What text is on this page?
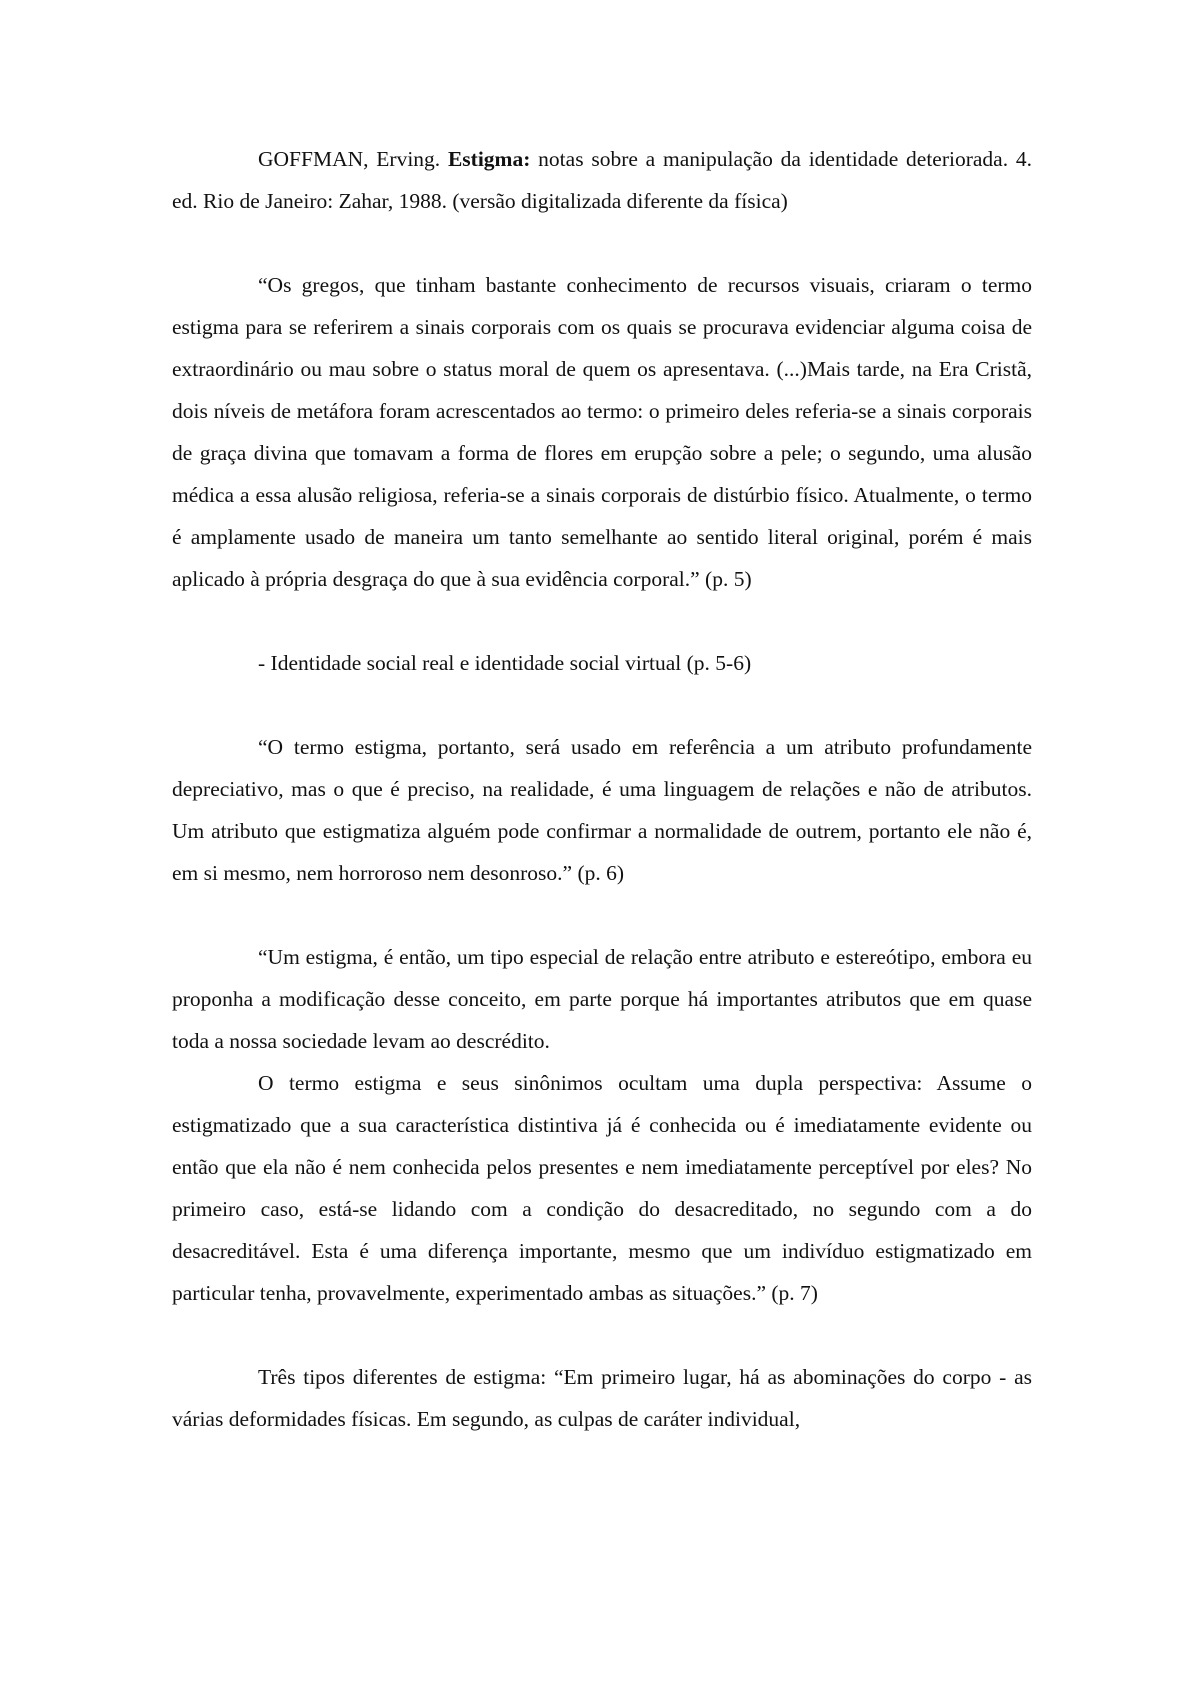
GOFFMAN, Erving. Estigma: notas sobre a manipulação da identidade deteriorada. 4. ed. Rio de Janeiro: Zahar, 1988. (versão digitalizada diferente da física)

“Os gregos, que tinham bastante conhecimento de recursos visuais, criaram o termo estigma para se referirem a sinais corporais com os quais se procurava evidenciar alguma coisa de extraordinário ou mau sobre o status moral de quem os apresentava. (...)Mais tarde, na Era Cristã, dois níveis de metáfora foram acrescentados ao termo: o primeiro deles referia-se a sinais corporais de graça divina que tomavam a forma de flores em erupção sobre a pele; o segundo, uma alusão médica a essa alusão religiosa, referia-se a sinais corporais de distúrbio físico. Atualmente, o termo é amplamente usado de maneira um tanto semelhante ao sentido literal original, porém é mais aplicado à própria desgraça do que à sua evidência corporal.” (p. 5)

- Identidade social real e identidade social virtual (p. 5-6)

“O termo estigma, portanto, será usado em referência a um atributo profundamente depreciativo, mas o que é preciso, na realidade, é uma linguagem de relações e não de atributos. Um atributo que estigmatiza alguém pode confirmar a normalidade de outrem, portanto ele não é, em si mesmo, nem horroroso nem desonroso.” (p. 6)

“Um estigma, é então, um tipo especial de relação entre atributo e estereótipo, embora eu proponha a modificação desse conceito, em parte porque há importantes atributos que em quase toda a nossa sociedade levam ao descrédito.

O termo estigma e seus sinônimos ocultam uma dupla perspectiva: Assume o estigmatizado que a sua característica distintiva já é conhecida ou é imediatamente evidente ou então que ela não é nem conhecida pelos presentes e nem imediatamente perceptível por eles? No primeiro caso, está-se lidando com a condição do desacreditado, no segundo com a do desacreditável. Esta é uma diferença importante, mesmo que um indivíduo estigmatizado em particular tenha, provavelmente, experimentado ambas as situações.” (p. 7)

Três tipos diferentes de estigma: “Em primeiro lugar, há as abominações do corpo - as várias deformidades físicas. Em segundo, as culpas de caráter individual,
